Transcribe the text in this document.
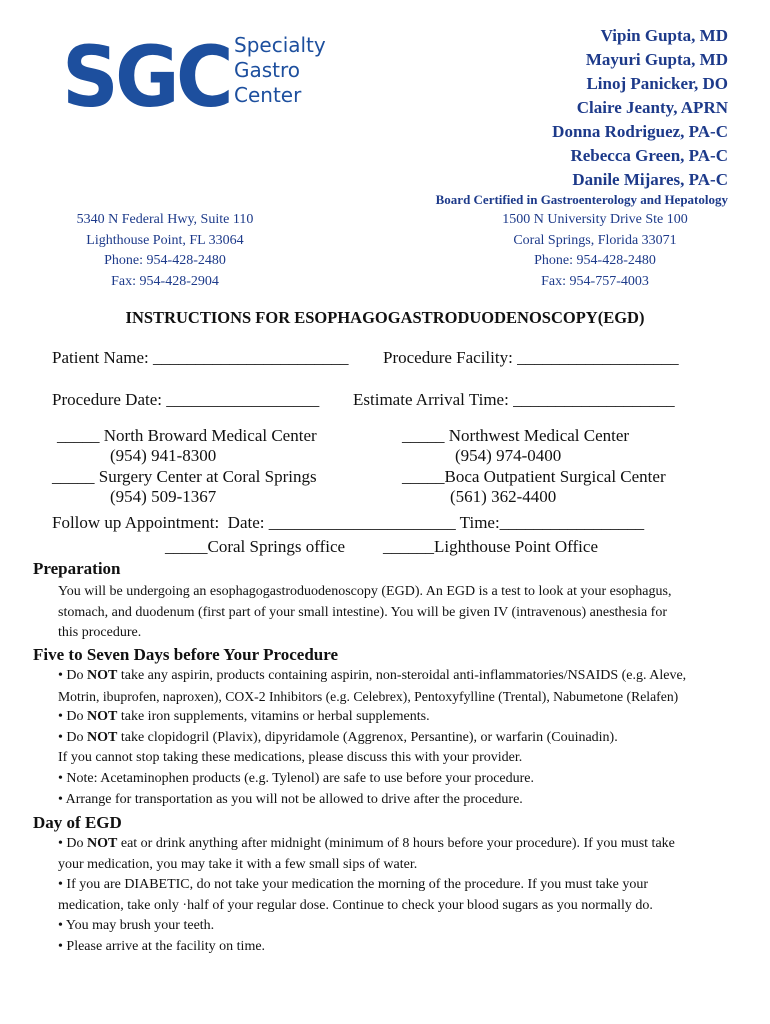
SGC Specialty
Gastro
Center
Vipin Gupta, MD
Mayuri Gupta, MD
Linoj Panicker, DO
Claire Jeanty, APRN
Donna Rodriguez, PA-C
Rebecca Green, PA-C
Danile Mijares, PA-C
Board Certified in Gastroenterology and Hepatology
5340 N Federal Hwy, Suite 110
Lighthouse Point, FL 33064
Phone: 954-428-2480
Fax: 954-428-2904
1500 N University Drive Ste 100
Coral Springs, Florida 33071
Phone: 954-428-2480
Fax: 954-757-4003
INSTRUCTIONS FOR ESOPHAGOGASTRODUODENOSCOPY(EGD)
Patient Name: _______________________ Procedure Facility: ___________________
Procedure Date: __________________ Estimate Arrival Time: ___________________
_____ North Broward Medical Center
(954) 941-8300
_____ Surgery Center at Coral Springs
(954) 509-1367
_____ Northwest Medical Center
(954) 974-0400
_____Boca Outpatient Surgical Center
(561) 362-4400
Follow up Appointment:  Date: ______________________ Time:_________________
_____Coral Springs office ______Lighthouse Point Office
Preparation
You will be undergoing an esophagogastroduodenoscopy (EGD). An EGD is a test to look at your esophagus,
stomach, and duodenum (first part of your small intestine). You will be given IV (intravenous) anesthesia for
this procedure.
Five to Seven Days before Your Procedure
• Do NOT take any aspirin, products containing aspirin, non-steroidal anti-inflammatories/NSAIDS (e.g. Aleve,
Motrin, ibuprofen, naproxen), COX-2 Inhibitors (e.g. Celebrex), Pentoxyfylline (Trental), Nabumetone (Relafen)
• Do NOT take iron supplements, vitamins or herbal supplements.
• Do NOT take clopidogril (Plavix), dipyridamole (Aggrenox, Persantine), or warfarin (Couinadin).
If you cannot stop taking these medications, please discuss this with your provider.
• Note: Acetaminophen products (e.g. Tylenol) are safe to use before your procedure.
• Arrange for transportation as you will not be allowed to drive after the procedure.
Day of EGD
• Do NOT eat or drink anything after midnight (minimum of 8 hours before your procedure). If you must take
your medication, you may take it with a few small sips of water.
• If you are DIABETIC, do not take your medication the morning of the procedure. If you must take your
medication, take only ·half of your regular dose. Continue to check your blood sugars as you normally do.
• You may brush your teeth.
• Please arrive at the facility on time.
